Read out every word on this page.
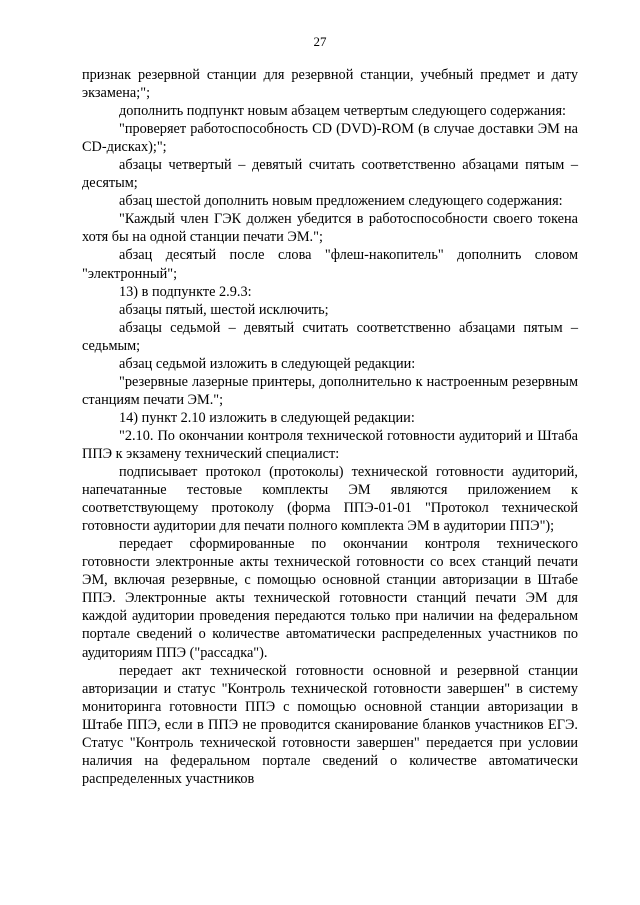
27

признак резервной станции для резервной станции, учебный предмет и дату экзамена;";

дополнить подпункт новым абзацем четвертым следующего содержания:

"проверяет работоспособность CD (DVD)-ROM (в случае доставки ЭМ на CD-дисках);";

абзацы четвертый – девятый считать соответственно абзацами пятым – десятым;

абзац шестой дополнить новым предложением следующего содержания:

"Каждый член ГЭК должен убедится в работоспособности своего токена хотя бы на одной станции печати ЭМ.";

абзац десятый после слова "флеш-накопитель" дополнить словом "электронный";

13) в подпункте 2.9.3:

абзацы пятый, шестой исключить;

абзацы седьмой – девятый считать соответственно абзацами пятым – седьмым;

абзац седьмой изложить в следующей редакции:

"резервные лазерные принтеры, дополнительно к настроенным резервным станциям печати ЭМ.";

14) пункт 2.10 изложить в следующей редакции:

"2.10. По окончании контроля технической готовности аудиторий и Штаба ППЭ к экзамену технический специалист:

подписывает протокол (протоколы) технической готовности аудиторий, напечатанные тестовые комплекты ЭМ являются приложением к соответствующему протоколу (форма ППЭ-01-01 "Протокол технической готовности аудитории для печати полного комплекта ЭМ в аудитории ППЭ");

передает сформированные по окончании контроля технического готовности электронные акты технической готовности со всех станций печати ЭМ, включая резервные, с помощью основной станции авторизации в Штабе ППЭ. Электронные акты технической готовности станций печати ЭМ для каждой аудитории проведения передаются только при наличии на федеральном портале сведений о количестве автоматически распределенных участников по аудиториям ППЭ ("рассадка").

передает акт технической готовности основной и резервной станции авторизации и статус "Контроль технической готовности завершен" в систему мониторинга готовности ППЭ с помощью основной станции авторизации в Штабе ППЭ, если в ППЭ не проводится сканирование бланков участников ЕГЭ. Статус "Контроль технической готовности завершен" передается при условии наличия на федеральном портале сведений о количестве автоматически распределенных участников
